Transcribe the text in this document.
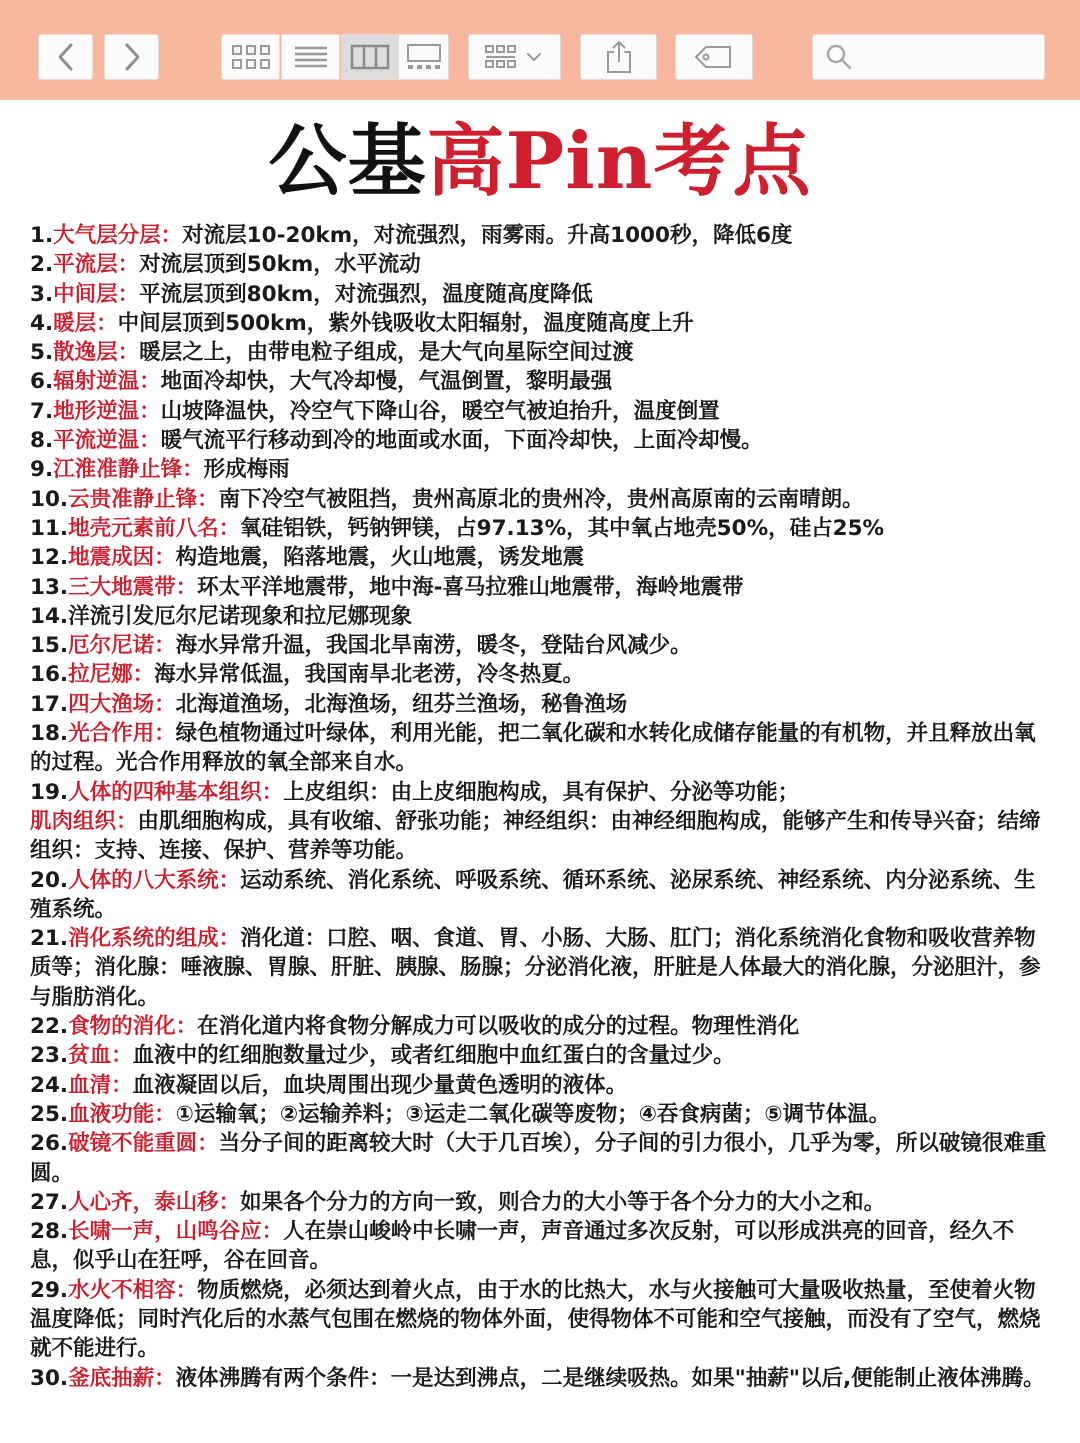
公基高Pin考点

1.大气层分层：对流层10-20km，对流强烈，雨雾雨。升高1000秒，降低6度

2.平流层：对流层顶到50km，水平流动

3.中间层：平流层顶到80km，对流强烈，温度随高度降低

4.暖层：中间层顶到500km，紫外钱吸收太阳辐射，温度随高度上升

5.散逸层：暖层之上，由带电粒子组成，是大气向星际空间过渡

6.辐射逆温：地面冷却快，大气冷却慢，气温倒置，黎明最强

7.地形逆温：山坡降温快，冷空气下降山谷，暖空气被迫抬升，温度倒置

8.平流逆温：暖气流平行移动到冷的地面或水面，下面冷却快，上面冷却慢。

9.江淮准静止锋：形成梅雨

10.云贵准静止锋：南下冷空气被阻挡，贵州高原北的贵州冷，贵州高原南的云南晴朗。

11.地壳元素前八名：氧硅铝铁，钙钠钾镁，占97.13%，其中氧占地壳50%，硅占25%

12.地震成因：构造地震，陷落地震，火山地震，诱发地震

13.三大地震带：环太平洋地震带，地中海-喜马拉雅山地震带，海岭地震带

14.洋流引发厄尔尼诺现象和拉尼娜现象

15.厄尔尼诺：海水异常升温，我国北旱南涝，暖冬，登陆台风减少。

16.拉尼娜：海水异常低温，我国南旱北老涝，冷冬热夏。

17.四大渔场：北海道渔场，北海渔场，纽芬兰渔场，秘鲁渔场

18.光合作用：绿色植物通过叶绿体，利用光能，把二氧化碳和水转化成储存能量的有机物，并且释放出氧的过程。光合作用释放的氧全部来自水。

19.人体的四种基本组织：上皮组织：由上皮细胞构成，具有保护、分泌等功能；

肌肉组织：由肌细胞构成，具有收缩、舒张功能；神经组织：由神经细胞构成，能够产生和传导兴奋；结缔组织：支持、连接、保护、营养等功能。

20.人体的八大系统：运动系统、消化系统、呼吸系统、循环系统、泌尿系统、神经系统、内分泌系统、生殖系统。

21.消化系统的组成：消化道：口腔、咽、食道、胃、小肠、大肠、肛门；消化系统消化食物和吸收营养物质等；消化腺：唾液腺、胃腺、肝脏、胰腺、肠腺；分泌消化液，肝脏是人体最大的消化腺，分泌胆汁，参与脂肪消化。

22.食物的消化：在消化道内将食物分解成力可以吸收的成分的过程。物理性消化

23.贫血：血液中的红细胞数量过少，或者红细胞中血红蛋白的含量过少。

24.血清：血液凝固以后，血块周围出现少量黄色透明的液体。

25.血液功能：①运输氧；②运输养料；③运走二氧化碳等废物；④吞食病菌；⑤调节体温。

26.破镜不能重圆：当分子间的距离较大时（大于几百埃），分子间的引力很小，几乎为零，所以破镜很难重圆。

27.人心齐，泰山移：如果各个分力的方向一致，则合力的大小等于各个分力的大小之和。

28.长啸一声，山鸣谷应：人在崇山峻岭中长啸一声，声音通过多次反射，可以形成洪亮的回音，经久不息，似乎山在狂呼，谷在回音。

29.水火不相容：物质燃烧，必须达到着火点，由于水的比热大，水与火接触可大量吸收热量，至使着火物温度降低；同时汽化后的水蒸气包围在燃烧的物体外面，使得物体不可能和空气接触，而没有了空气，燃烧就不能进行。

30.釜底抽薪：液体沸腾有两个条件：一是达到沸点，二是继续吸热。如果"抽薪"以后,便能制止液体沸腾。
